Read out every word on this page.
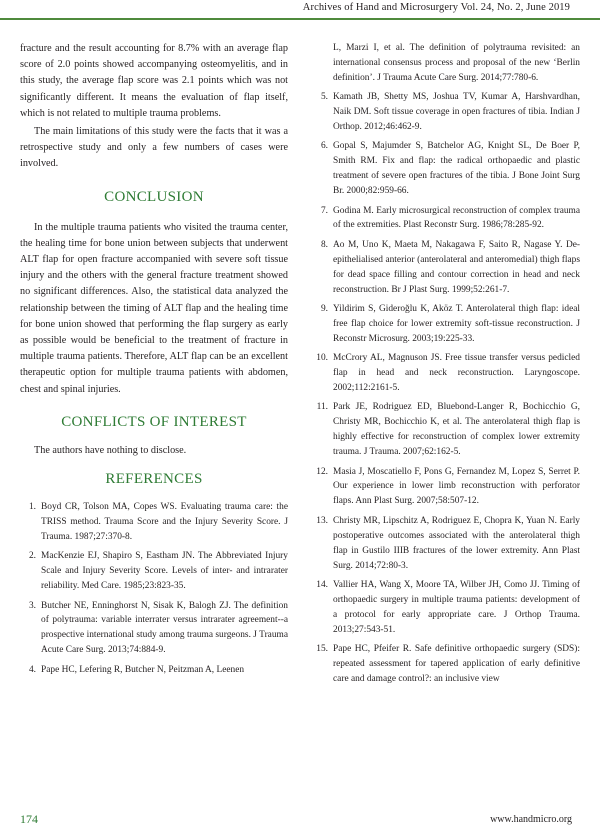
Archives of Hand and Microsurgery Vol. 24, No. 2, June 2019

fracture and the result accounting for 8.7% with an average flap score of 2.0 points showed accompanying osteomyelitis, and in this study, the average flap score was 2.1 points which was not significantly different. It means the evaluation of flap itself, which is not related to multiple trauma problems.

The main limitations of this study were the facts that it was a retrospective study and only a few numbers of cases were involved.

CONCLUSION

In the multiple trauma patients who visited the trauma center, the healing time for bone union between subjects that underwent ALT flap for open fracture accompanied with severe soft tissue injury and the others with the general fracture treatment showed no significant differences. Also, the statistical data analyzed the relationship between the timing of ALT flap and the healing time for bone union showed that performing the flap surgery as early as possible would be beneficial to the treatment of fracture in multiple trauma patients. Therefore, ALT flap can be an excellent therapeutic option for multiple trauma patients with abdomen, chest and spinal injuries.

CONFLICTS OF INTEREST

The authors have nothing to disclose.

REFERENCES
1. Boyd CR, Tolson MA, Copes WS. Evaluating trauma care: the TRISS method. Trauma Score and the Injury Severity Score. J Trauma. 1987;27:370-8.
2. MacKenzie EJ, Shapiro S, Eastham JN. The Abbreviated Injury Scale and Injury Severity Score. Levels of inter- and intrarater reliability. Med Care. 1985;23:823-35.
3. Butcher NE, Enninghorst N, Sisak K, Balogh ZJ. The definition of polytrauma: variable interrater versus intrarater agreement--a prospective international study among trauma surgeons. J Trauma Acute Care Surg. 2013;74:884-9.
4. Pape HC, Lefering R, Butcher N, Peitzman A, Leenen
L, Marzi I, et al. The definition of polytrauma revisited: an international consensus process and proposal of the new ‘Berlin definition’. J Trauma Acute Care Surg. 2014;77:780-6.
5. Kamath JB, Shetty MS, Joshua TV, Kumar A, Harshvardhan, Naik DM. Soft tissue coverage in open fractures of tibia. Indian J Orthop. 2012;46:462-9.
6. Gopal S, Majumder S, Batchelor AG, Knight SL, De Boer P, Smith RM. Fix and flap: the radical orthopaedic and plastic treatment of severe open fractures of the tibia. J Bone Joint Surg Br. 2000;82:959-66.
7. Godina M. Early microsurgical reconstruction of complex trauma of the extremities. Plast Reconstr Surg. 1986;78:285-92.
8. Ao M, Uno K, Maeta M, Nakagawa F, Saito R, Nagase Y. De-epithelialised anterior (anterolateral and anteromedial) thigh flaps for dead space filling and contour correction in head and neck reconstruction. Br J Plast Surg. 1999;52:261-7.
9. Yildirim S, Gideroğlu K, Aköz T. Anterolateral thigh flap: ideal free flap choice for lower extremity soft-tissue reconstruction. J Reconstr Microsurg. 2003;19:225-33.
10. McCrory AL, Magnuson JS. Free tissue transfer versus pedicled flap in head and neck reconstruction. Laryngoscope. 2002;112:2161-5.
11. Park JE, Rodriguez ED, Bluebond-Langer R, Bochicchio G, Christy MR, Bochicchio K, et al. The anterolateral thigh flap is highly effective for reconstruction of complex lower extremity trauma. J Trauma. 2007;62:162-5.
12. Masia J, Moscatiello F, Pons G, Fernandez M, Lopez S, Serret P. Our experience in lower limb reconstruction with perforator flaps. Ann Plast Surg. 2007;58:507-12.
13. Christy MR, Lipschitz A, Rodriguez E, Chopra K, Yuan N. Early postoperative outcomes associated with the anterolateral thigh flap in Gustilo IIIB fractures of the lower extremity. Ann Plast Surg. 2014;72:80-3.
14. Vallier HA, Wang X, Moore TA, Wilber JH, Como JJ. Timing of orthopaedic surgery in multiple trauma patients: development of a protocol for early appropriate care. J Orthop Trauma. 2013;27:543-51.
15. Pape HC, Pfeifer R. Safe definitive orthopaedic surgery (SDS): repeated assessment for tapered application of early definitive care and damage control?: an inclusive view
174	www.handmicro.org
